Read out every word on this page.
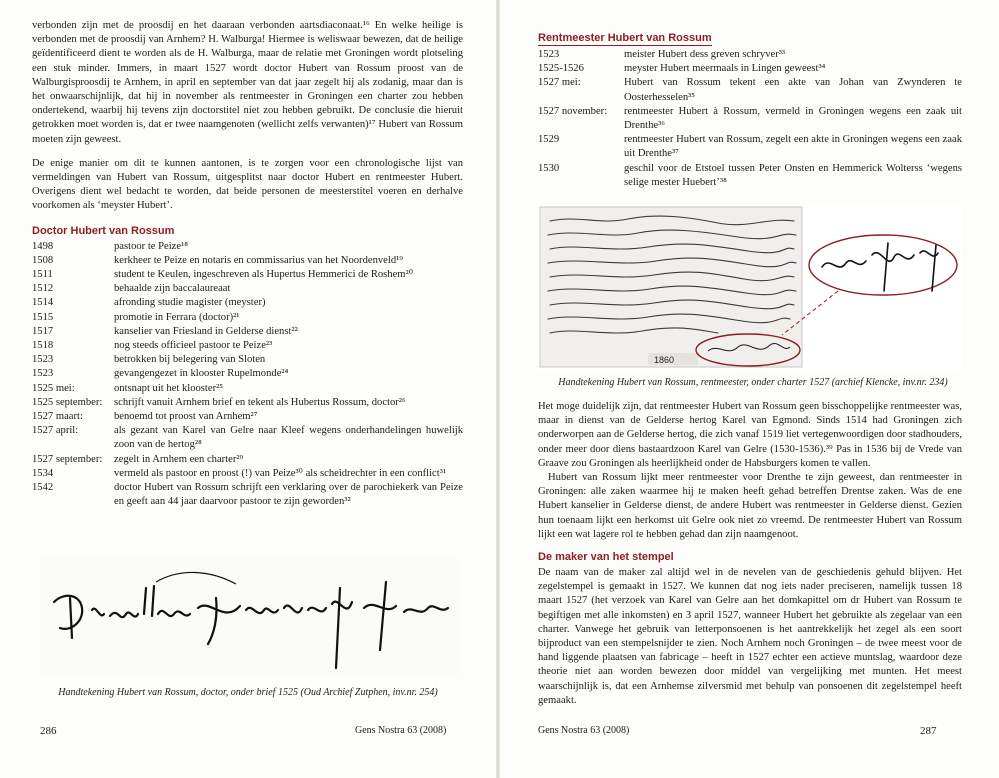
verbonden zijn met de proosdij en het daaraan verbonden aartsdiaconaat.¹⁶ En welke heilige is verbonden met de proosdij van Arnhem? H. Walburga! Hiermee is weliswaar bewezen, dat de heilige geïdentificeerd dient te worden als de H. Walburga, maar de relatie met Groningen wordt plotseling een stuk minder. Immers, in maart 1527 wordt doctor Hubert van Rossum proost van de Walburgisproosdij te Arnhem, in april en september van dat jaar zegelt hij als zodanig, maar dan is het onwaarschijnlijk, dat hij in november als rentmeester in Groningen een charter zou hebben ondertekend, waarbij hij tevens zijn doctorstitel niet zou hebben gebruikt. De conclusie die hieruit getrokken moet worden is, dat er twee naamgenoten (wellicht zelfs verwanten)¹⁷ Hubert van Rossum moeten zijn geweest.

De enige manier om dit te kunnen aantonen, is te zorgen voor een chronologische lijst van vermeldingen van Hubert van Rossum, uitgesplitst naar doctor Hubert en rentmeester Hubert. Overigens dient wel bedacht te worden, dat beide personen de meesterstitel voeren en derhalve voorkomen als ‘meyster Hubert’.

Doctor Hubert van Rossum
1498	pastoor te Peize¹⁸
1508	kerkheer te Peize en notaris en commissarius van het Noordenveld¹⁹
1511	student te Keulen, ingeschreven als Hupertus Hemmerici de Roshem²⁰
1512	behaalde zijn baccalaureaat
1514	afronding studie magister (meyster)
1515	promotie in Ferrara (doctor)²¹
1517	kanselier van Friesland in Gelderse dienst²²
1518	nog steeds officieel pastoor te Peize²³
1523	betrokken bij belegering van Sloten
1523	gevangengezet in klooster Rupelmonde²⁴
1525 mei:	ontsnapt uit het klooster²⁵
1525 september:	schrijft vanuit Arnhem brief en tekent als Hubertus Rossum, doctor²⁶
1527 maart:	benoemd tot proost van Arnhem²⁷
1527 april:	als gezant van Karel van Gelre naar Kleef wegens onderhandelingen huwelijk zoon van de hertog²⁸
1527 september:	zegelt in Arnhem een charter²⁹
1534	vermeld als pastoor en proost (!) van Peize³⁰ als scheidrechter in een conflict³¹
1542	doctor Hubert van Rossum schrijft een verklaring over de parochiekerk van Peize en geeft aan 44 jaar daarvoor pastoor te zijn geworden³²
Handtekening Hubert van Rossum, doctor, onder brief 1525 (Oud Archief Zutphen, inv.nr. 254)
286	Gens Nostra 63 (2008)
Rentmeester Hubert van Rossum
1523	meister Hubert dess greven schryver³³
1525-1526	meyster Hubert meermaals in Lingen geweest³⁴
1527 mei:	Hubert van Rossum tekent een akte van Johan van Zwynderen te Oosterhesselen³⁵
1527 november:	rentmeester Hubert à Rossum, vermeld in Groningen wegens een zaak uit Drenthe³⁶
1529	rentmeester Hubert van Rossum, zegelt een akte in Groningen wegens een zaak uit Drenthe³⁷
1530	geschil voor de Etstoel tussen Peter Onsten en Hemmerick Wolterss ‘wegens selige mester Huebert’³⁸
1860
Handtekening Hubert van Rossum, rentmeester, onder charter 1527 (archief Klencke, inv.nr. 234)

Het moge duidelijk zijn, dat rentmeester Hubert van Rossum geen bisschoppelijke rentmeester was, maar in dienst van de Gelderse hertog Karel van Egmond. Sinds 1514 had Groningen zich onderworpen aan de Gelderse hertog, die zich vanaf 1519 liet vertegenwoordigen door stadhouders, onder meer door diens bastaardzoon Karel van Gelre (1530-1536).³⁹ Pas in 1536 bij de Vrede van Graave zou Groningen als heerlijkheid onder de Habsburgers komen te vallen.

Hubert van Rossum lijkt meer rentmeester voor Drenthe te zijn geweest, dan rentmeester in Groningen: alle zaken waarmee hij te maken heeft gehad betreffen Drentse zaken. Was de ene Hubert kanselier in Gelderse dienst, de andere Hubert was rentmeester in Gelderse dienst. Gezien hun toenaam lijkt een herkomst uit Gelre ook niet zo vreemd. De rentmeester Hubert van Rossum lijkt een wat lagere rol te hebben gehad dan zijn naamgenoot.

De maker van het stempel

De naam van de maker zal altijd wel in de nevelen van de geschiedenis gehuld blijven. Het zegelstempel is gemaakt in 1527. We kunnen dat nog iets nader preciseren, namelijk tussen 18 maart 1527 (het verzoek van Karel van Gelre aan het domkapittel om dr Hubert van Rossum te begiftigen met alle inkomsten) en 3 april 1527, wanneer Hubert het gebruikte als zegelaar van een charter. Vanwege het gebruik van letterponsoenen is het aantrekkelijk het zegel als een soort bijproduct van een stempelsnijder te zien. Noch Arnhem noch Groningen – de twee meest voor de hand liggende plaatsen van fabricage – heeft in 1527 echter een actieve muntslag, waardoor deze theorie niet aan worden bewezen door middel van vergelijking met munten. Het meest waarschijnlijk is, dat een Arnhemse zilversmid met behulp van ponsoenen dit zegelstempel heeft gemaakt.

Gens Nostra 63 (2008)	287
